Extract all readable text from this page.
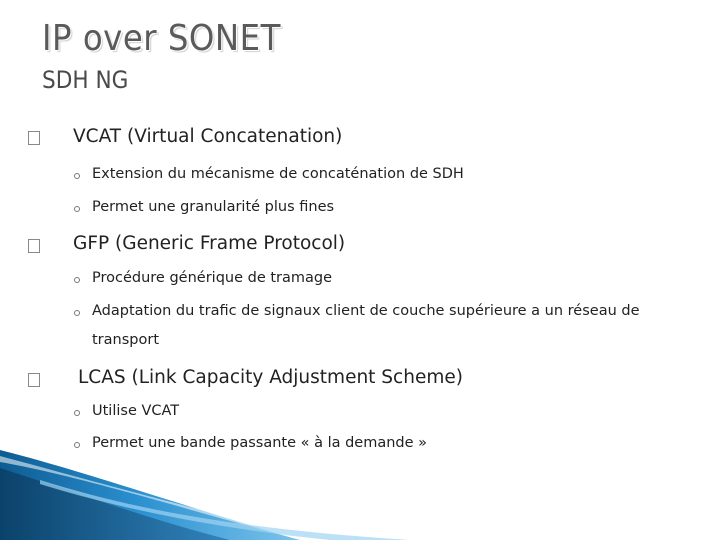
IP over SONET
SDH NG
VCAT (Virtual Concatenation)
Extension du mécanisme de concaténation de SDH
Permet une granularité plus fines
GFP (Generic Frame Protocol)
Procédure générique de tramage
Adaptation du trafic de signaux client de couche supérieure a un réseau de
transport
LCAS (Link Capacity Adjustment Scheme)
Utilise VCAT
Permet une bande passante « à la demande »
